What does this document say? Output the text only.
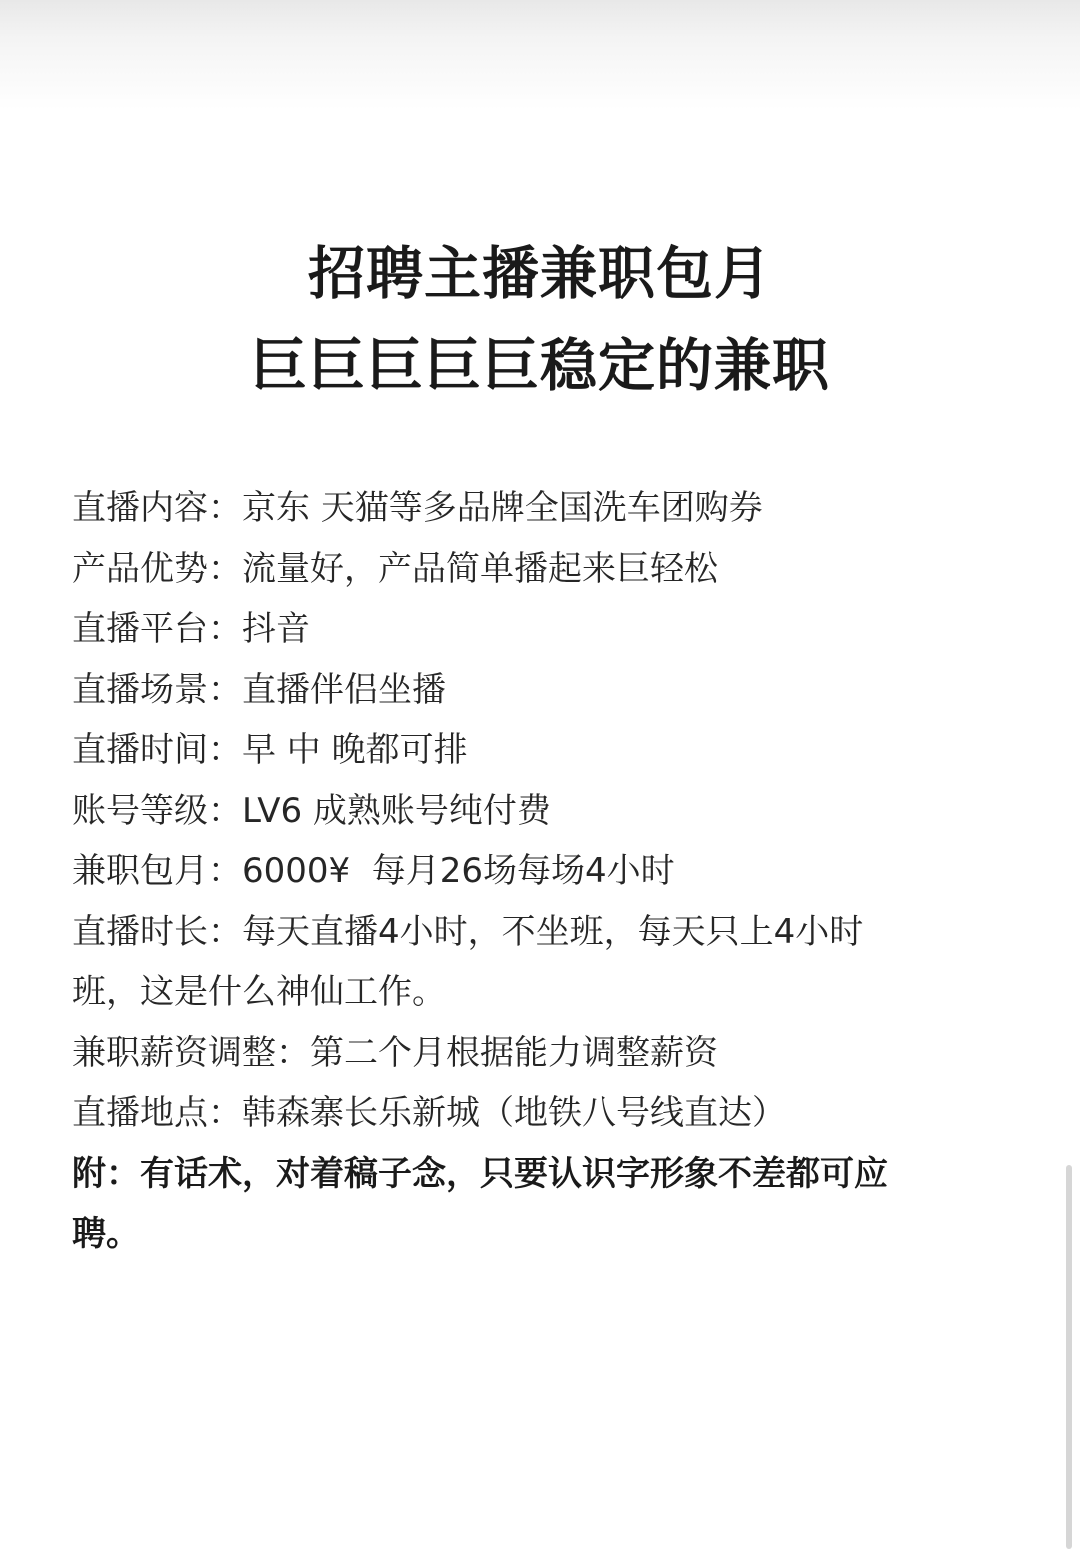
招聘主播兼职包月
巨巨巨巨巨稳定的兼职
直播内容：京东 天猫等多品牌全国洗车团购券
产品优势：流量好，产品简单播起来巨轻松
直播平台：抖音
直播场景：直播伴侣坐播
直播时间：早 中 晚都可排
账号等级：LV6 成熟账号纯付费
兼职包月：6000¥  每月26场每场4小时
直播时长：每天直播4小时，不坐班，每天只上4小时
班，这是什么神仙工作。
兼职薪资调整：第二个月根据能力调整薪资
直播地点：韩森寨长乐新城（地铁八号线直达）
附：有话术，对着稿子念，只要认识字形象不差都可应
聘。
